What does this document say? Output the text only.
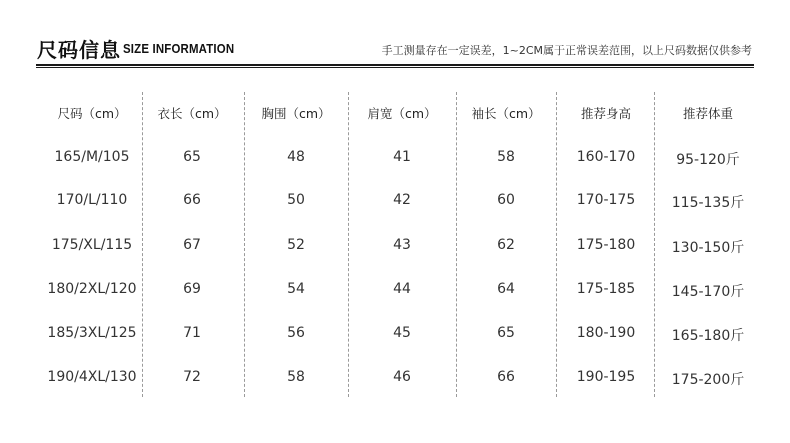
尺码信息 SIZE INFORMATION	手工测量存在一定误差，1~2CM属于正常误差范围，以上尺码数据仅供参考
尺码（cm）	衣长（cm）	胸围（cm）	肩宽（cm）	袖长（cm）	推荐身高	推荐体重
165/M/105	65	48	41	58	160-170	95-120斤
170/L/110	66	50	42	60	170-175	115-135斤
175/XL/115	67	52	43	62	175-180	130-150斤
180/2XL/120	69	54	44	64	175-185	145-170斤
185/3XL/125	71	56	45	65	180-190	165-180斤
190/4XL/130	72	58	46	66	190-195	175-200斤
